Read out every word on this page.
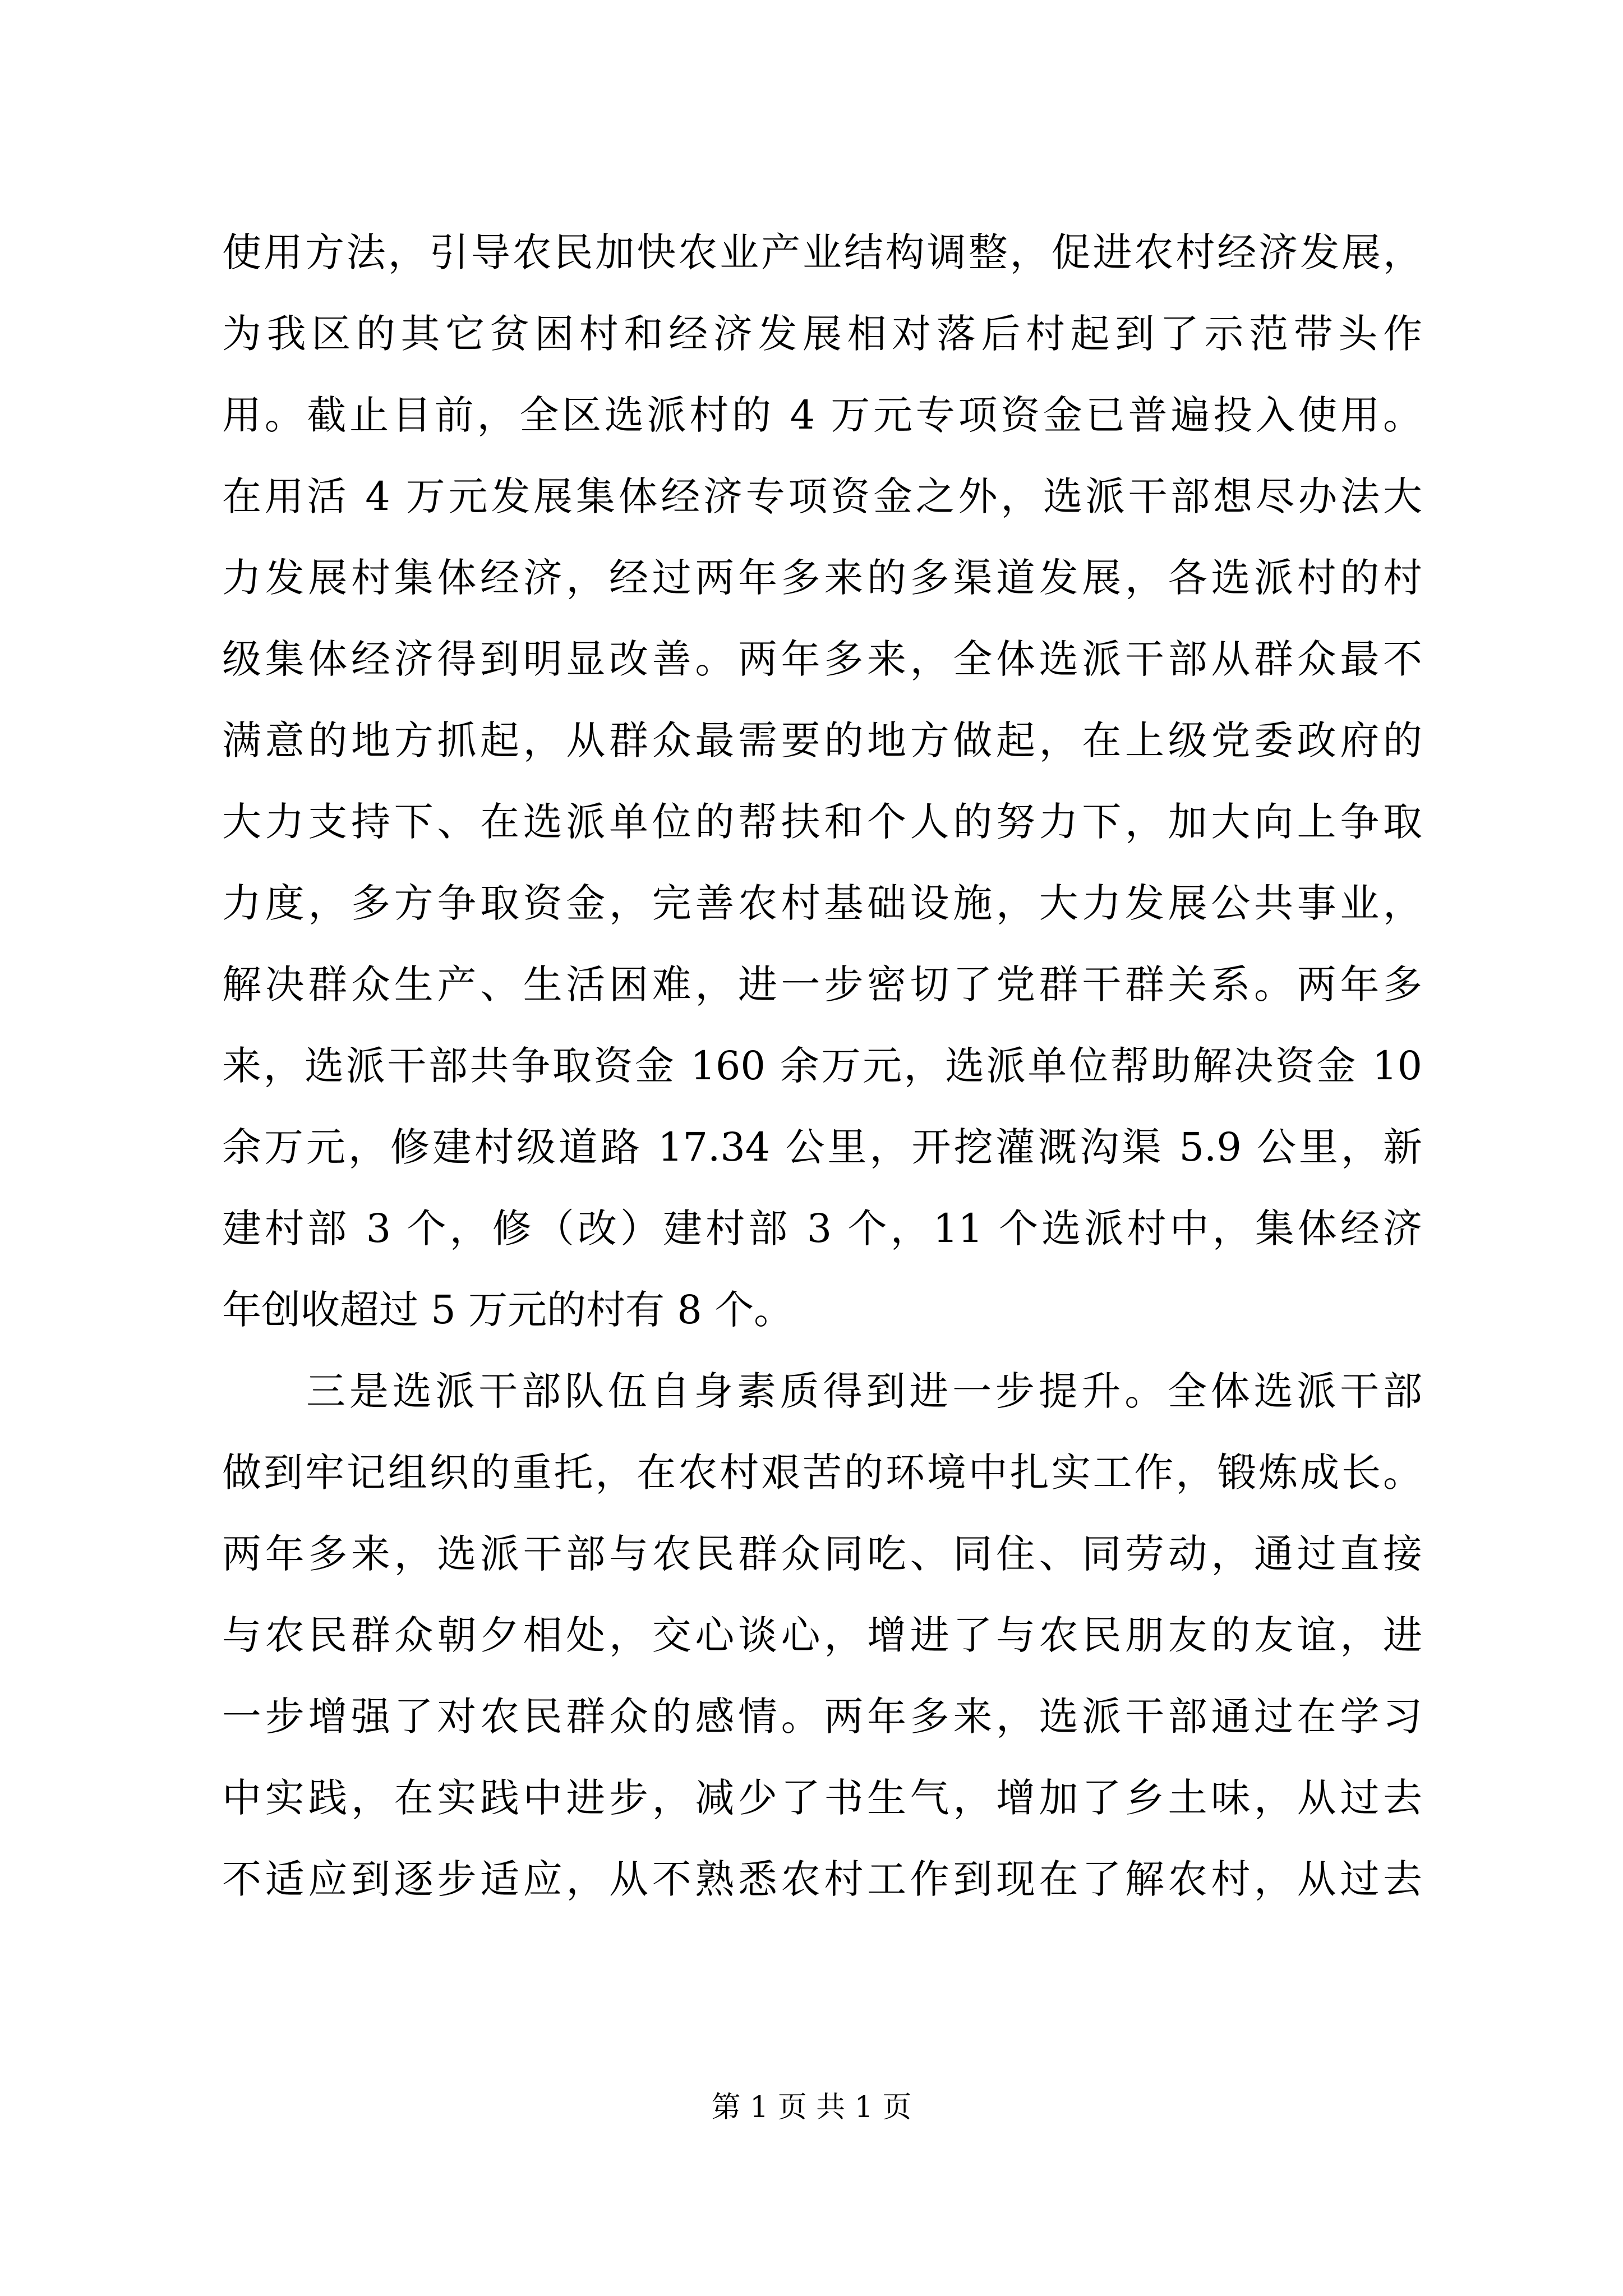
使用方法，引导农民加快农业产业结构调整，促进农村经济发展，
为我区的其它贫困村和经济发展相对落后村起到了示范带头作
用。截止目前，全区选派村的 4 万元专项资金已普遍投入使用。
在用活 4 万元发展集体经济专项资金之外，选派干部想尽办法大
力发展村集体经济，经过两年多来的多渠道发展，各选派村的村
级集体经济得到明显改善。两年多来，全体选派干部从群众最不
满意的地方抓起，从群众最需要的地方做起，在上级党委政府的
大力支持下、在选派单位的帮扶和个人的努力下，加大向上争取
力度，多方争取资金，完善农村基础设施，大力发展公共事业，
解决群众生产、生活困难，进一步密切了党群干群关系。两年多
来，选派干部共争取资金 160 余万元，选派单位帮助解决资金 10
余万元，修建村级道路 17.34 公里，开挖灌溉沟渠 5.9 公里，新
建村部 3 个，修（改）建村部 3 个，11 个选派村中，集体经济
年创收超过 5 万元的村有 8 个。
三是选派干部队伍自身素质得到进一步提升。全体选派干部
做到牢记组织的重托，在农村艰苦的环境中扎实工作，锻炼成长。
两年多来，选派干部与农民群众同吃、同住、同劳动，通过直接
与农民群众朝夕相处，交心谈心，增进了与农民朋友的友谊，进
一步增强了对农民群众的感情。两年多来，选派干部通过在学习
中实践，在实践中进步，减少了书生气，增加了乡土味，从过去
不适应到逐步适应，从不熟悉农村工作到现在了解农村，从过去
第 1 页 共 1 页
